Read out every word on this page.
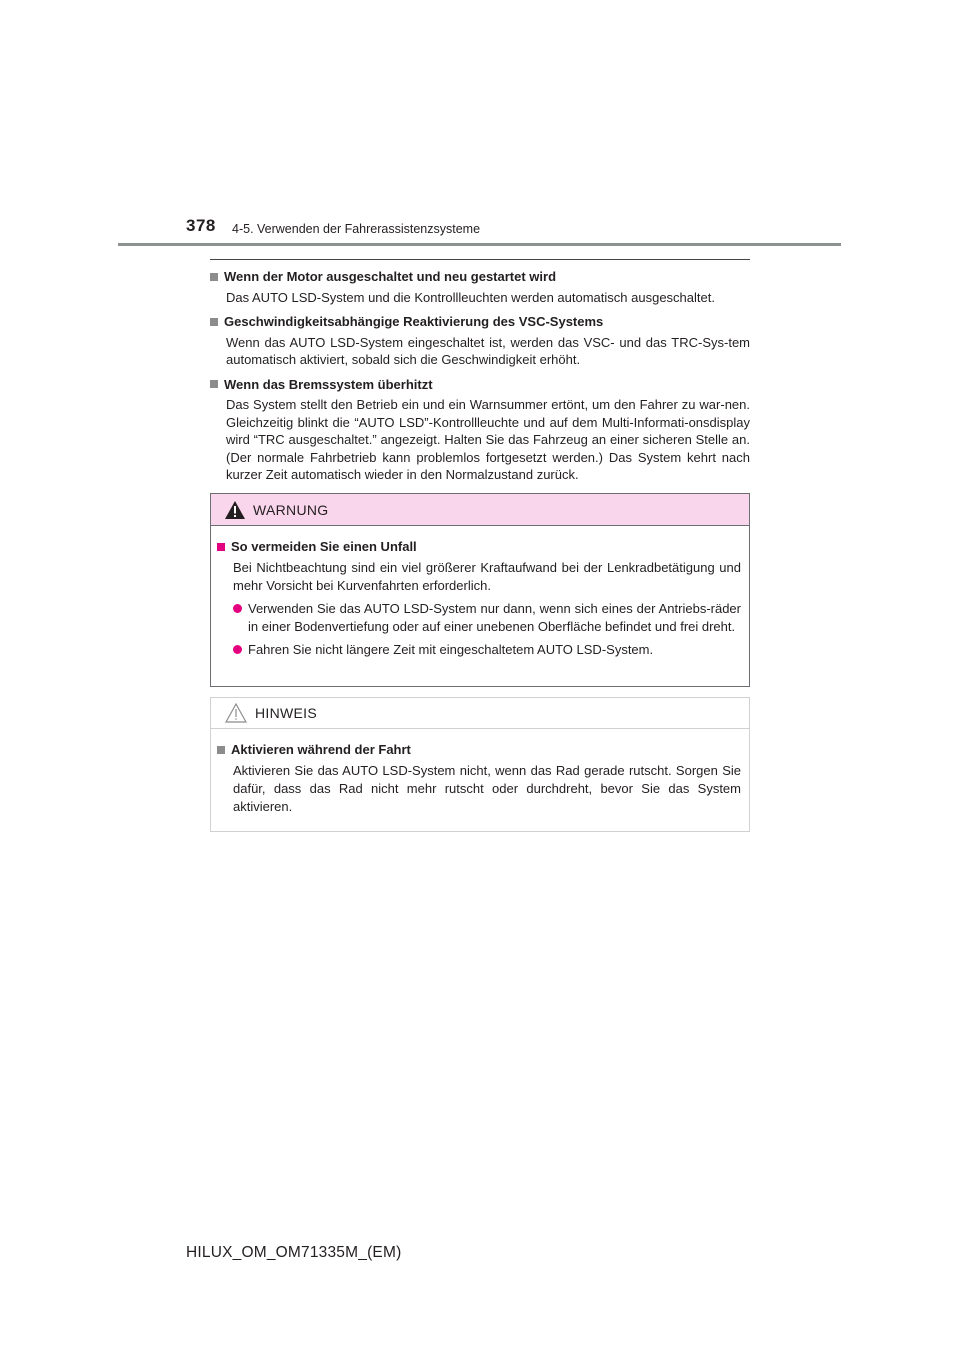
378 4-5. Verwenden der Fahrerassistenzsysteme
Wenn der Motor ausgeschaltet und neu gestartet wird
Das AUTO LSD-System und die Kontrollleuchten werden automatisch ausgeschaltet.
Geschwindigkeitsabhängige Reaktivierung des VSC-Systems
Wenn das AUTO LSD-System eingeschaltet ist, werden das VSC- und das TRC-Sys-tem automatisch aktiviert, sobald sich die Geschwindigkeit erhöht.
Wenn das Bremssystem überhitzt
Das System stellt den Betrieb ein und ein Warnsummer ertönt, um den Fahrer zu war-nen. Gleichzeitig blinkt die “AUTO LSD”-Kontrollleuchte und auf dem Multi-Informati-onsdisplay wird “TRC ausgeschaltet.” angezeigt. Halten Sie das Fahrzeug an einer sicheren Stelle an. (Der normale Fahrbetrieb kann problemlos fortgesetzt werden.) Das System kehrt nach kurzer Zeit automatisch wieder in den Normalzustand zurück.
WARNUNG
So vermeiden Sie einen Unfall
Bei Nichtbeachtung sind ein viel größerer Kraftaufwand bei der Lenkradbetätigung und mehr Vorsicht bei Kurvenfahrten erforderlich.
Verwenden Sie das AUTO LSD-System nur dann, wenn sich eines der Antriebs-räder in einer Bodenvertiefung oder auf einer unebenen Oberfläche befindet und frei dreht.
Fahren Sie nicht längere Zeit mit eingeschaltetem AUTO LSD-System.
HINWEIS
Aktivieren während der Fahrt
Aktivieren Sie das AUTO LSD-System nicht, wenn das Rad gerade rutscht. Sorgen Sie dafür, dass das Rad nicht mehr rutscht oder durchdreht, bevor Sie das System aktivieren.
HILUX_OM_OM71335M_(EM)
